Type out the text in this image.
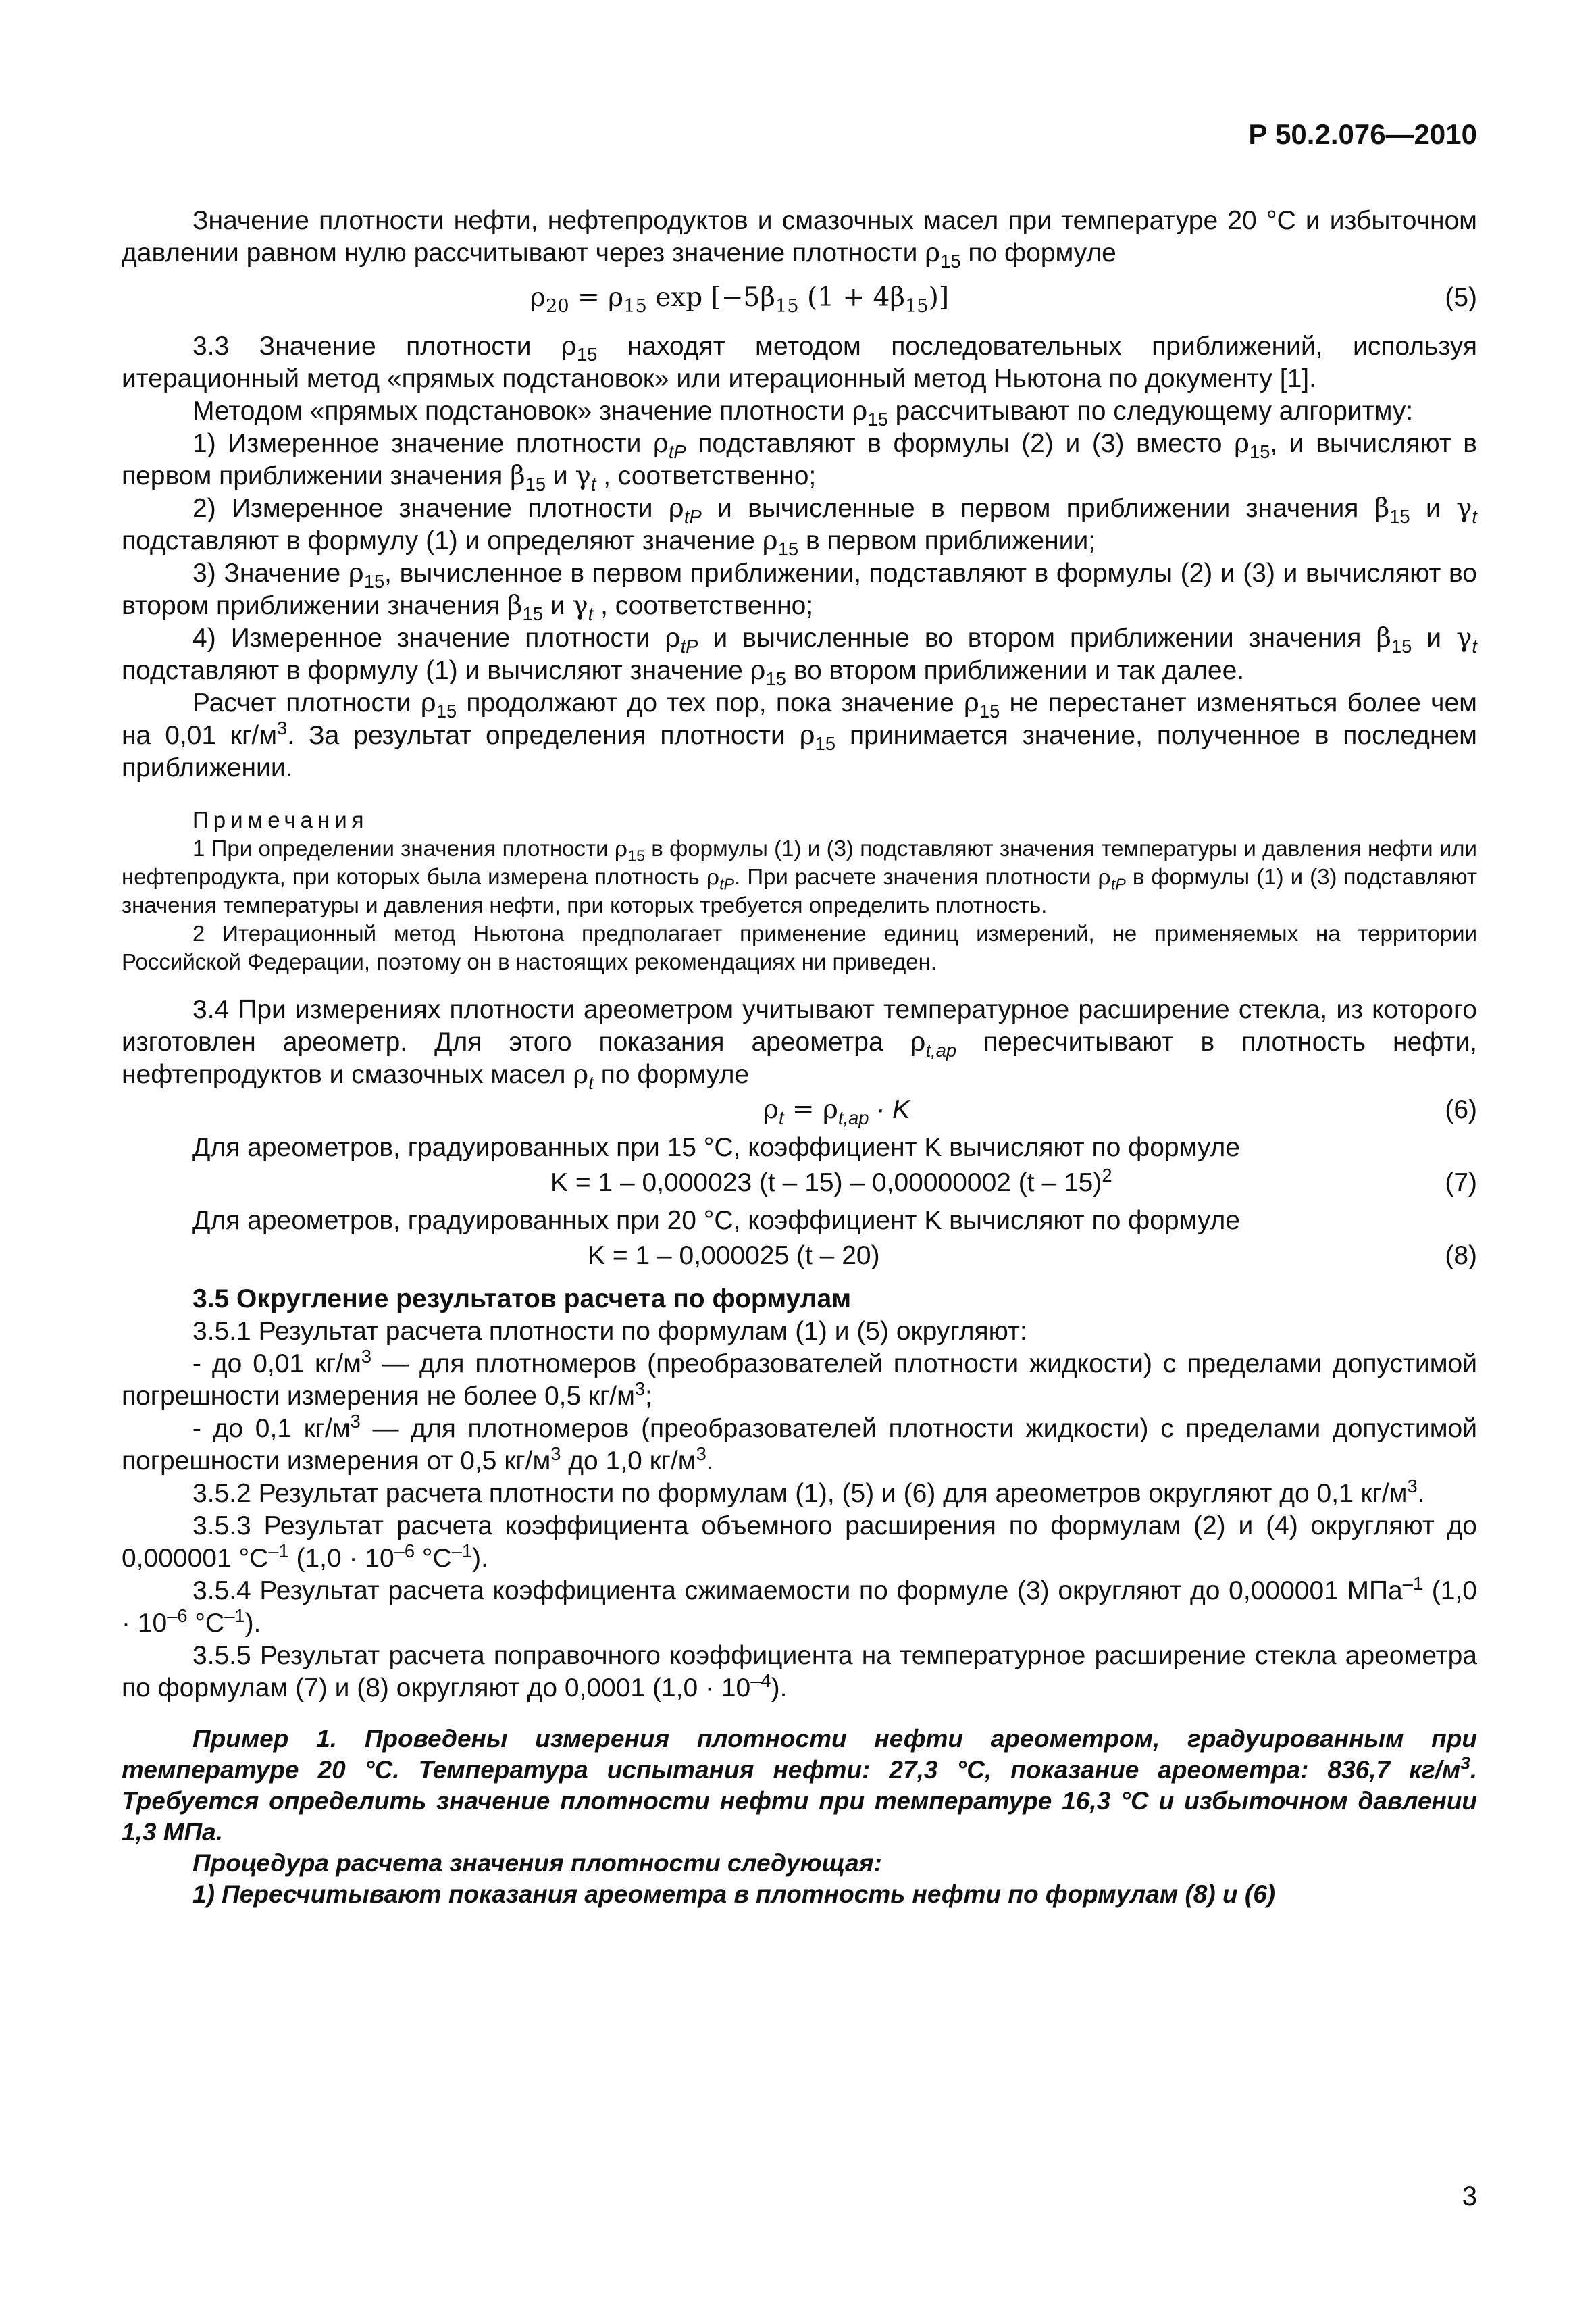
Р 50.2.076—2010

Значение плотности нефти, нефтепродуктов и смазочных масел при температуре 20 °С и избыточном давлении равном нулю рассчитывают через значение плотности $\rho_{15}$ по формуле

$\rho_{20} = \rho_{15}$ $\exp [-5\beta_{15}$ $(1 + 4\beta_{15})$]	(5)

3.3 Значение плотности $\rho_{15}$ находят методом последовательных приближений, используя итерационный метод «прямых подстановок» или итерационный метод Ньютона по документу [1].

Методом «прямых подстановок» значение плотности $\rho_{15}$ рассчитывают по следующему алгоритму:

1) Измеренное значение плотности $\rho_{tP}$ подставляют в формулы (2) и (3) вместо $\rho_{15}$, и вычисляют в первом приближении значения $\beta_{15}$ и $\gamma_t$ , соответственно;

2) Измеренное значение плотности $\rho_{tP}$ и вычисленные в первом приближении значения $\beta_{15}$ и $\gamma_t$ подставляют в формулу (1) и определяют значение $\rho_{15}$ в первом приближении;

3) Значение $\rho_{15}$, вычисленное в первом приближении, подставляют в формулы (2) и (3) и вычисляют во втором приближении значения $\beta_{15}$ и $\gamma_t$ , соответственно;

4) Измеренное значение плотности $\rho_{tP}$ и вычисленные во втором приближении значения $\beta_{15}$ и $\gamma_t$ подставляют в формулу (1) и вычисляют значение $\rho_{15}$ во втором приближении и так далее.

Расчет плотности $\rho_{15}$ продолжают до тех пор, пока значение $\rho_{15}$ не перестанет изменяться более чем на 0,01 $кг/м^3$. За результат определения плотности $\rho_{15}$ принимается значение, полученное в последнем приближении.

Примечания

1 При определении значения плотности $\rho_{15}$ в формулы (1) и (3) подставляют значения температуры и давления нефти или нефтепродукта, при которых была измерена плотность $\rho_{tP}$. При расчете значения плотности $\rho_{tP}$ в формулы (1) и (3) подставляют значения температуры и давления нефти, при которых требуется определить плотность.

2 Итерационный метод Ньютона предполагает применение единиц измерений, не применяемых на территории Российской Федерации, поэтому он в настоящих рекомендациях ни приведен.

3.4 При измерениях плотности ареометром учитывают температурное расширение стекла, из которого изготовлен ареометр. Для этого показания ареометра $\rho_{t,ap}$ пересчитывают в плотность нефти, нефтепродуктов и смазочных масел $\rho_t$ по формуле

$\rho_t = \rho_{t,ap} \cdot K$	(6)

Для ареометров, градуированных при 15 °С, коэффициент K вычисляют по формуле

K = 1 – 0,000023 (t – 15) – 0,00000002 (t – 15)$^2$	(7)

Для ареометров, градуированных при 20 °С, коэффициент K вычисляют по формуле

K = 1 – 0,000025 (t – 20)	(8)

3.5 Округление результатов расчета по формулам

3.5.1 Результат расчета плотности по формулам (1) и (5) округляют:

- до 0,01 $кг/м^3$ — для плотномеров (преобразователей плотности жидкости) с пределами допустимой погрешности измерения не более 0,5 $кг/м^3$;

- до 0,1 $кг/м^3$ — для плотномеров (преобразователей плотности жидкости) с пределами допустимой погрешности измерения от 0,5 $кг/м^3$ до 1,0 $кг/м^3$.

3.5.2 Результат расчета плотности по формулам (1), (5) и (6) для ареометров округляют до 0,1 $кг/м^3$.

3.5.3 Результат расчета коэффициента объемного расширения по формулам (2) и (4) округляют до 0,000001 $^\circ С^{-1}$ ($1,0 \cdot 10^{-6}$ $^\circ С^{-1}$).

3.5.4 Результат расчета коэффициента сжимаемости по формуле (3) округляют до 0,000001 МПа$^{-1}$ ($1,0 \cdot 10^{-6}$ $^\circ С^{-1}$).

3.5.5 Результат расчета поправочного коэффициента на температурное расширение стекла ареометра по формулам (7) и (8) округляют до 0,0001 $(1,0 \cdot 10^{-4})$.

Пример 1. Проведены измерения плотности нефти ареометром, градуированным при температуре 20 °С. Температура испытания нефти: 27,3 °С, показание ареометра: 836,7 $кг/м^3$. Требуется определить значение плотности нефти при температуре 16,3 °С и избыточном давлении 1,3 МПа.

Процедура расчета значения плотности следующая:

1) Пересчитывают показания ареометра в плотность нефти по формулам (8) и (6)

3
